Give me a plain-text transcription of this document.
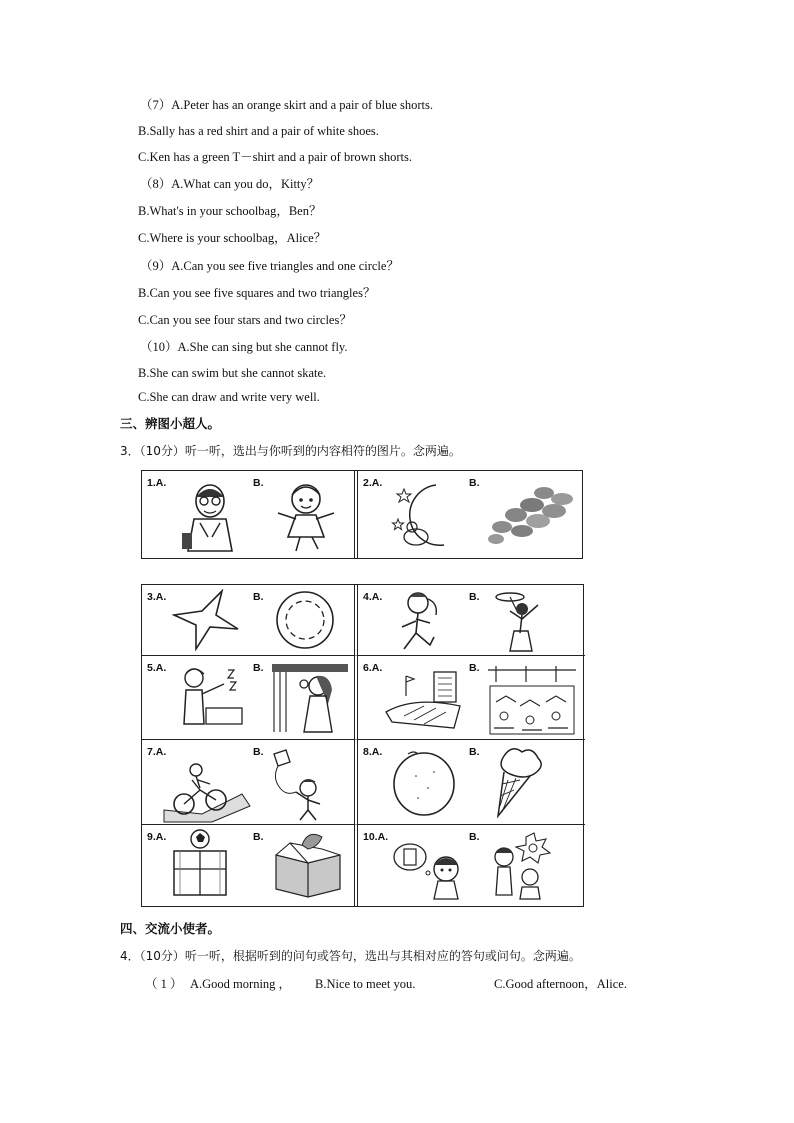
（7）A.Peter has an orange skirt and a pair of blue shorts.
B.Sally has a red shirt and a pair of white shoes.
C.Ken has a green T－shirt and a pair of brown shorts.
（8）A.What can you do，Kitty？
B.What's in your schoolbag，Ben？
C.Where is your schoolbag，Alice？
（9）A.Can you see five triangles and one circle？
B.Can you see five squares and two triangles？
C.Can you see four stars and two circles？
（10）A.She can sing but she cannot fly.
B.She can swim but she cannot skate.
C.She can draw and write very well.
三、辨图小超人。
3．（10分）听一听，选出与你听到的内容相符的图片。念两遍。
1.A.	B.	2.A.	B.
3.A.	B.	4.A.	B.
5.A.	B.	6.A.	B.
7.A.	B.	8.A.	B.
9.A.	B.	10.A.	B.
四、交流小使者。
4．（10分）听一听，根据听到的问句或答句，选出与其相对应的答句或问句。念两遍。
（ 1 ） A.Good morning ， B.Nice to meet you.	C.Good afternoon，Alice.
